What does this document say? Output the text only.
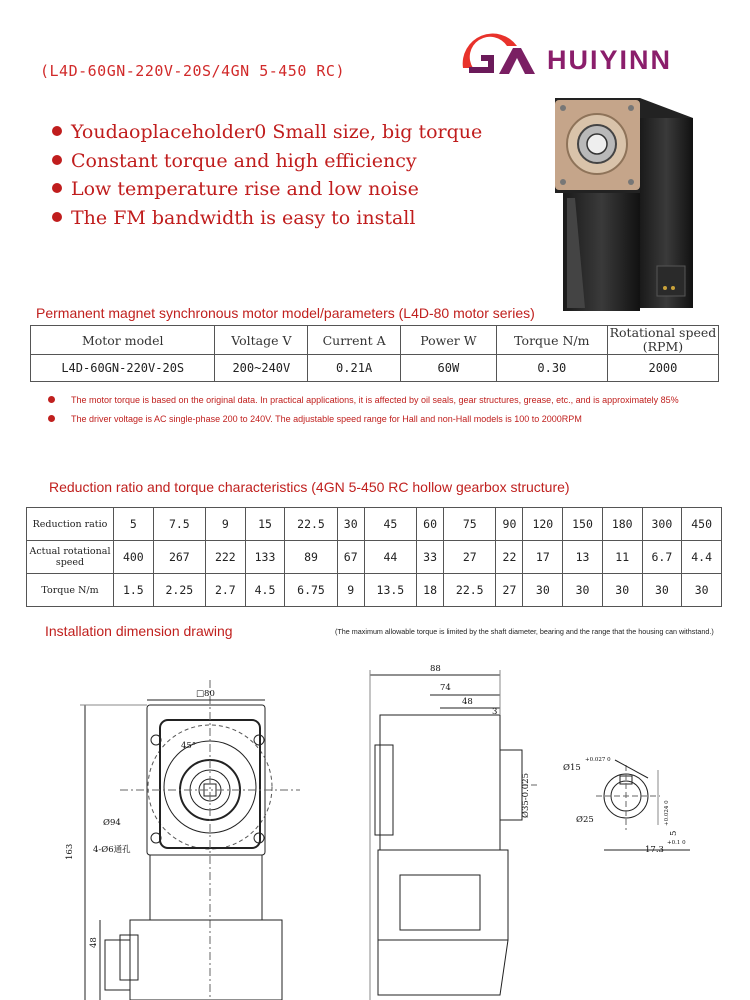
(L4D-60GN-220V-20S/4GN 5-450 RC)	HUIYINN
Youdaoplaceholder0 Small size, big torque
Constant torque and high efficiency
Low temperature rise and low noise
The FM bandwidth is easy to install
Permanent magnet synchronous motor model/parameters (L4D-80 motor series)
Motor model	Voltage V	Current A	Power W	Torque N/m	Rotational speed (RPM)
L4D-60GN-220V-20S	200~240V	0.21A	60W	0.30	2000
The motor torque is based on the original data. In practical applications, it is affected by oil seals, gear structures, grease, etc., and is approximately 85%
The driver voltage is AC single-phase 200 to 240V. The adjustable speed range for Hall and non-Hall models is 100 to 2000RPM
Reduction ratio and torque characteristics (4GN 5-450 RC hollow gearbox structure)
Reduction ratio	5	7.5	9	15	22.5	30	45	60	75	90	120	150	180	300	450
Actual rotational speed	400	267	222	133	89	67	44	33	27	22	17	13	11	6.7	4.4
Torque N/m	1.5	2.25	2.7	4.5	6.75	9	13.5	18	22.5	27	30	30	30	30	30
Installation dimension drawing	(The maximum allowable torque is limited by the shaft diameter, bearing and the range that the housing can withstand.)
□80
45°
Ø94
4-Ø6通孔
163
48
88
74
48
3
Ø35-0.025
Ø15
+0.027 0
Ø25
5
+0.024 0
17.3
+0.1 0
